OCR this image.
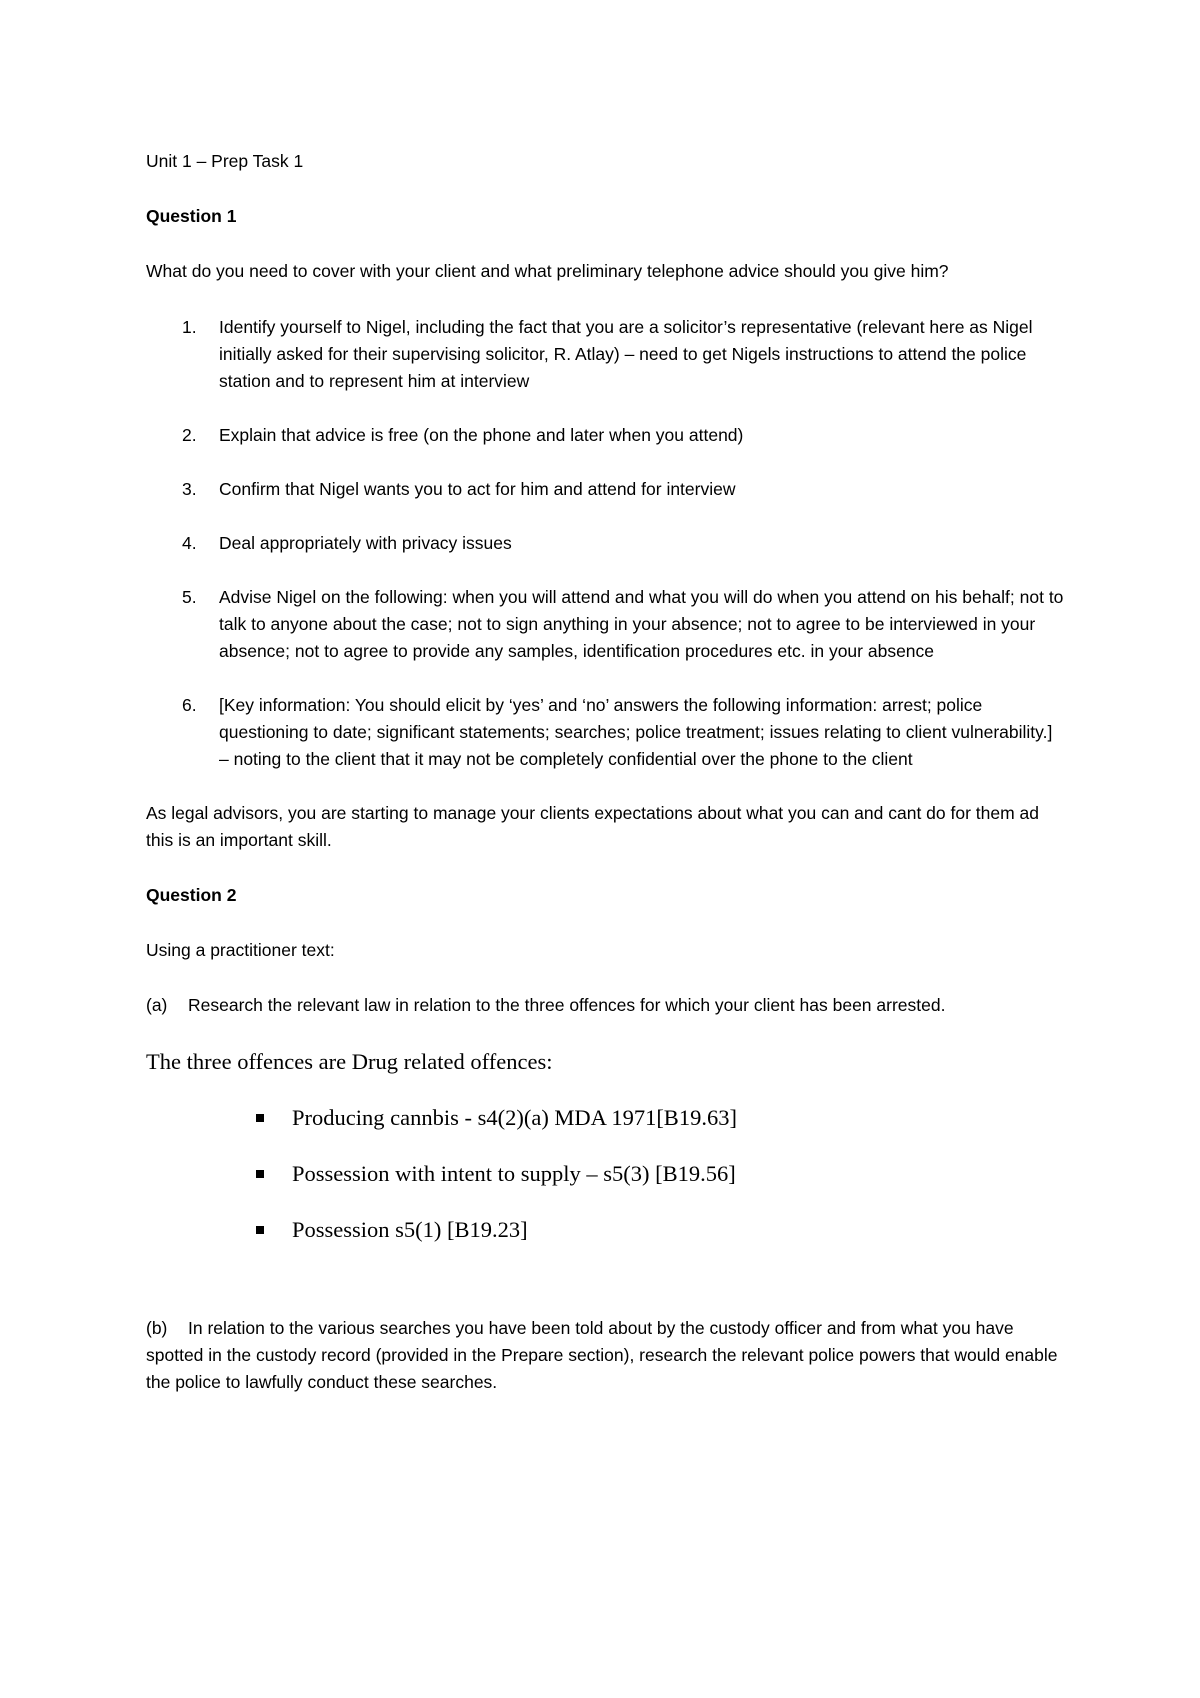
Unit 1 – Prep Task 1

Question 1

What do you need to cover with your client and what preliminary telephone advice should you give him?

1. Identify yourself to Nigel, including the fact that you are a solicitor’s representative (relevant here as Nigel initially asked for their supervising solicitor, R. Atlay) – need to get Nigels instructions to attend the police station and to represent him at interview
2. Explain that advice is free (on the phone and later when you attend)
3. Confirm that Nigel wants you to act for him and attend for interview
4. Deal appropriately with privacy issues
5. Advise Nigel on the following: when you will attend and what you will do when you attend on his behalf; not to talk to anyone about the case; not to sign anything in your absence; not to agree to be interviewed in your absence; not to agree to provide any samples, identification procedures etc. in your absence
6. [Key information: You should elicit by ‘yes’ and ‘no’ answers the following information: arrest; police questioning to date; significant statements; searches; police treatment; issues relating to client vulnerability.] – noting to the client that it may not be completely confidential over the phone to the client

As legal advisors, you are starting to manage your clients expectations about what you can and cant do for them ad this is an important skill.

Question 2

Using a practitioner text:

(a) Research the relevant law in relation to the three offences for which your client has been arrested.

The three offences are Drug related offences:

Producing cannbis - s4(2)(a) MDA 1971[B19.63]
Possession with intent to supply – s5(3) [B19.56]
Possession s5(1) [B19.23]

(b) In relation to the various searches you have been told about by the custody officer and from what you have spotted in the custody record (provided in the Prepare section), research the relevant police powers that would enable the police to lawfully conduct these searches.
